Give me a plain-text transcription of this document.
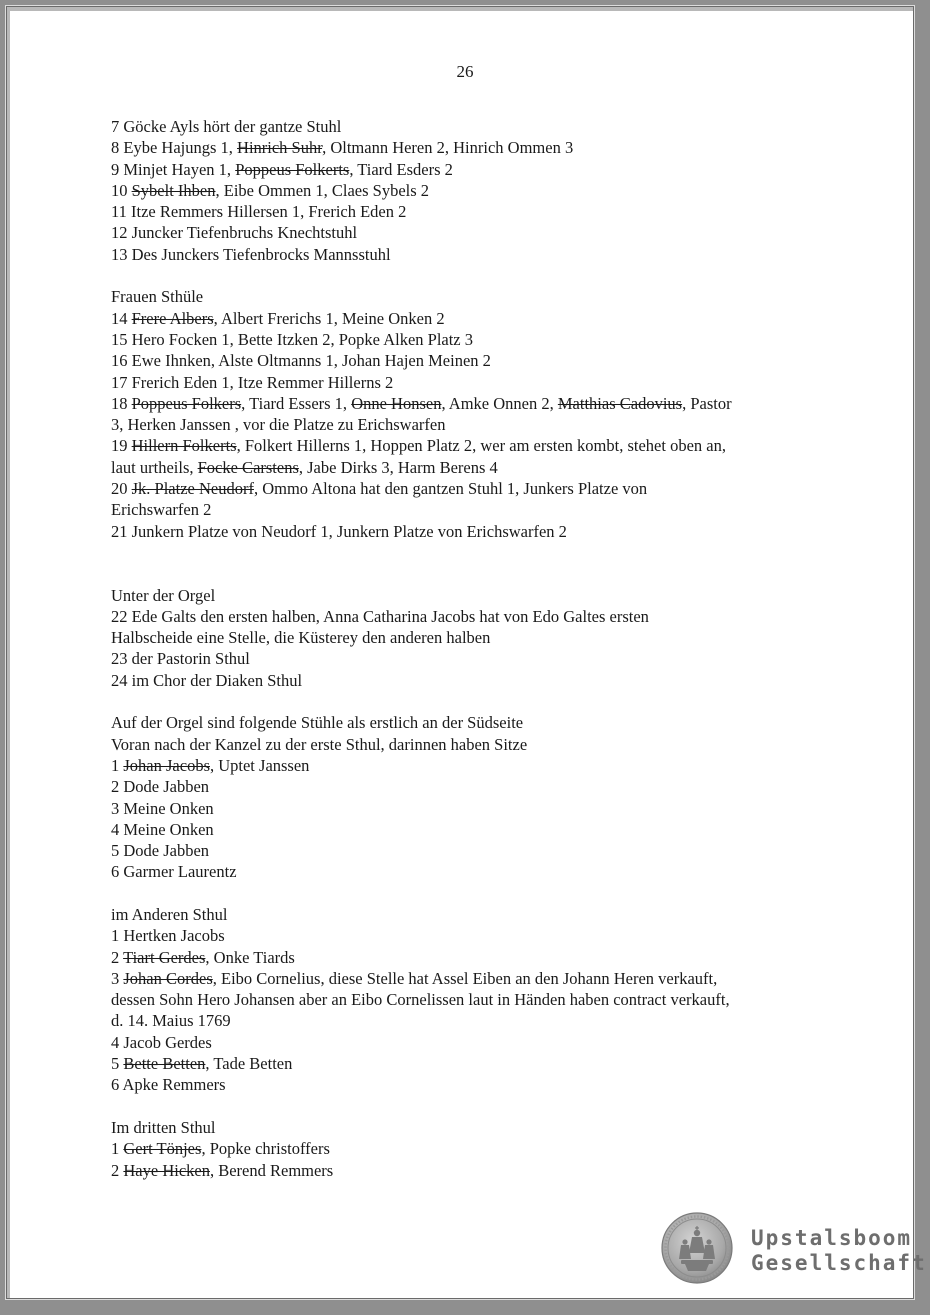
26
7 Göcke Ayls hört der gantze Stuhl
8 Eybe Hajungs 1, Hinrich Suhr, Oltmann Heren 2, Hinrich Ommen 3
9 Minjet Hayen 1, Poppeus Folkerts, Tiard Esders 2
10 Sybelt Ihben, Eibe Ommen 1, Claes Sybels 2
11 Itze Remmers Hillersen 1, Frerich Eden 2
12 Juncker Tiefenbruchs Knechtstuhl
13 Des Junckers Tiefenbrocks Mannsstuhl
Frauen Sthüle
14 Frere Albers, Albert Frerichs 1, Meine Onken 2
15 Hero Focken 1, Bette Itzken 2, Popke Alken Platz 3
16 Ewe Ihnken, Alste Oltmanns 1, Johan Hajen Meinen 2
17 Frerich Eden 1, Itze Remmer Hillerns 2
18 Poppeus Folkers, Tiard Essers 1, Onne Honsen, Amke Onnen 2, Matthias Cadovius, Pastor
3, Herken Janssen , vor die Platze zu Erichswarfen
19 Hillern Folkerts, Folkert Hillerns 1, Hoppen Platz 2, wer am ersten kombt, stehet oben an,
laut urtheils, Focke Carstens, Jabe Dirks 3, Harm Berens 4
20 Jk. Platze Neudorf, Ommo Altona hat den gantzen Stuhl 1, Junkers Platze von
Erichswarfen 2
21 Junkern Platze von Neudorf 1, Junkern Platze von Erichswarfen 2
Unter der Orgel
22 Ede Galts den ersten halben, Anna Catharina Jacobs hat von Edo Galtes ersten
Halbscheide eine Stelle, die Küsterey den anderen halben
23 der Pastorin Sthul
24 im Chor der Diaken Sthul
Auf der Orgel sind folgende Stühle als erstlich an der Südseite
Voran nach der Kanzel zu der erste Sthul, darinnen haben Sitze
1 Johan Jacobs, Uptet Janssen
2 Dode Jabben
3 Meine Onken
4 Meine Onken
5 Dode Jabben
6 Garmer Laurentz
im Anderen Sthul
1 Hertken Jacobs
2 Tiart Gerdes, Onke Tiards
3 Johan Cordes, Eibo Cornelius, diese Stelle hat Assel Eiben an den Johann Heren verkauft,
dessen Sohn Hero Johansen aber an Eibo Cornelissen laut in Händen haben contract verkauft,
d. 14. Maius 1769
4 Jacob Gerdes
5 Bette Betten, Tade Betten
6 Apke Remmers
Im dritten Sthul
1 Gert Tönjes, Popke christoffers
2 Haye Hicken, Berend Remmers
Upstalsboom
Gesellschaft
